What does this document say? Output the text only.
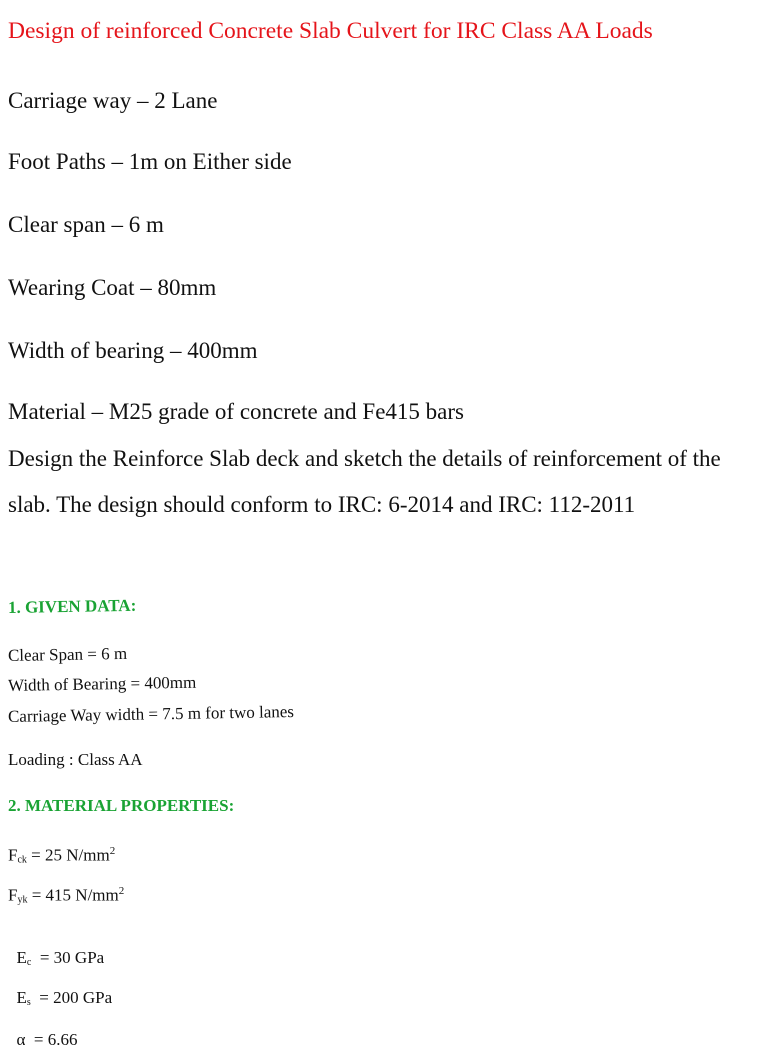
Design of reinforced Concrete Slab Culvert for IRC Class AA Loads
Carriage way – 2 Lane
Foot Paths – 1m on Either side
Clear span – 6 m
Wearing Coat – 80mm
Width of bearing – 400mm
Material – M25 grade of concrete and Fe415 bars
Design the Reinforce Slab deck and sketch the details of reinforcement of the slab. The design should conform to IRC: 6-2014 and IRC: 112-2011
1. GIVEN DATA:
Clear Span = 6 m
Width of Bearing = 400mm
Carriage Way width = 7.5 m for two lanes
Loading : Class AA
2. MATERIAL PROPERTIES:
$F_{ck} = 25$ $N/mm^2$
$F_{yk} = 415$ $N/mm^2$

$E_c = 30$ GPa

$E_s = 200$ GPa

α  = 6.66
